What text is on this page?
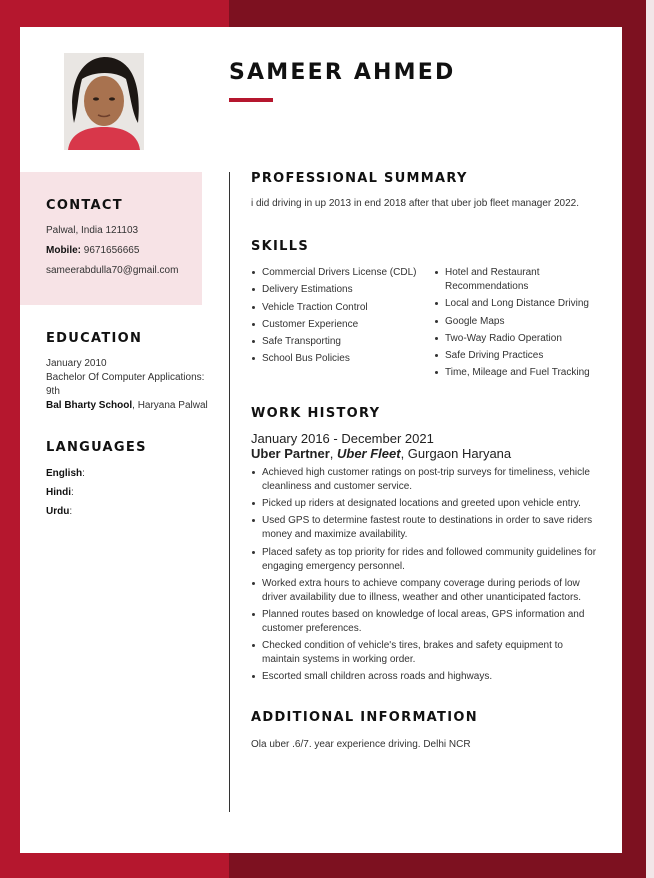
SAMEER AHMED
CONTACT
Palwal, India 121103
Mobile: 9671656665
sameerabdulla70@gmail.com
EDUCATION
January 2010
Bachelor Of Computer Applications:
9th
Bal Bharty School, Haryana Palwal
LANGUAGES
English:
Hindi:
Urdu:
PROFESSIONAL SUMMARY
i did driving in up 2013 in end 2018 after that uber job fleet manager 2022.
SKILLS
Commercial Drivers License (CDL)
Delivery Estimations
Vehicle Traction Control
Customer Experience
Safe Transporting
School Bus Policies
Hotel and Restaurant Recommendations
Local and Long Distance Driving
Google Maps
Two-Way Radio Operation
Safe Driving Practices
Time, Mileage and Fuel Tracking
WORK HISTORY
January 2016 - December 2021
Uber Partner, Uber Fleet, Gurgaon Haryana
Achieved high customer ratings on post-trip surveys for timeliness, vehicle cleanliness and customer service.
Picked up riders at designated locations and greeted upon vehicle entry.
Used GPS to determine fastest route to destinations in order to save riders money and maximize availability.
Placed safety as top priority for rides and followed community guidelines for engaging emergency personnel.
Worked extra hours to achieve company coverage during periods of low driver availability due to illness, weather and other unanticipated factors.
Planned routes based on knowledge of local areas, GPS information and customer preferences.
Checked condition of vehicle's tires, brakes and safety equipment to maintain systems in working order.
Escorted small children across roads and highways.
ADDITIONAL INFORMATION
Ola uber .6/7. year experience driving. Delhi NCR
